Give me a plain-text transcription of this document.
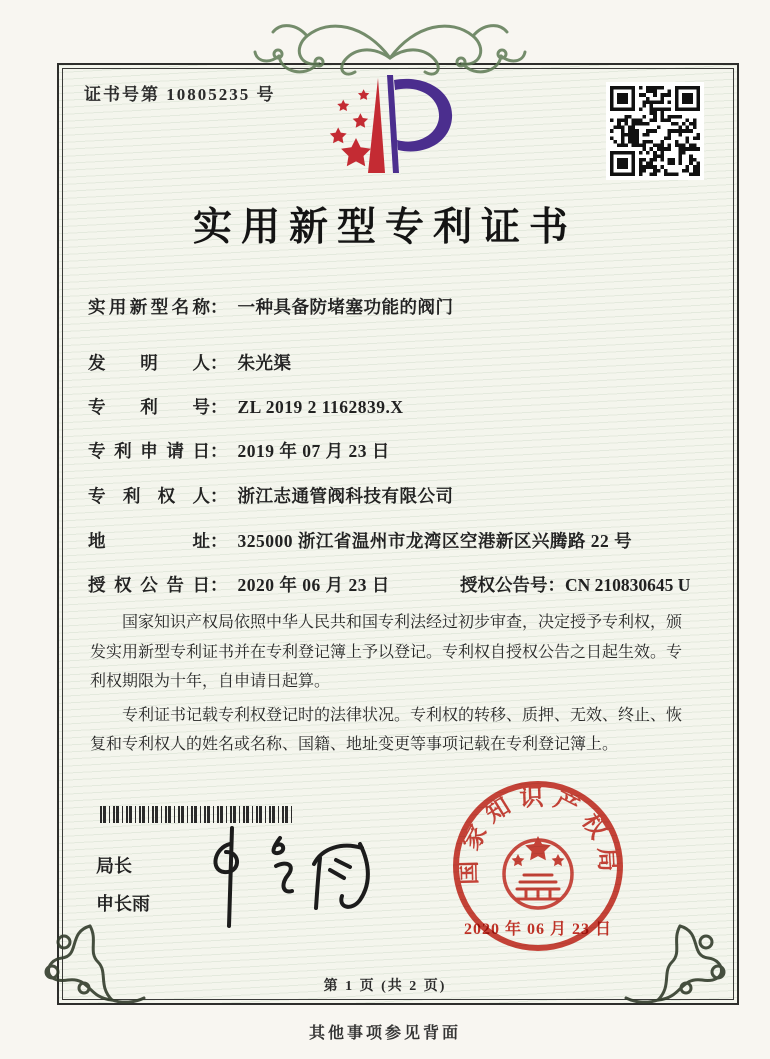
证书号第 10805235 号
实用新型专利证书
实用新型名称： 一种具备防堵塞功能的阀门
发明人： 朱光渠
专利号： ZL 2019 2 1162839.X
专利申请日： 2019 年 07 月 23 日
专利权人： 浙江志通管阀科技有限公司
地址： 325000 浙江省温州市龙湾区空港新区兴腾路 22 号
授权公告日： 2020 年 06 月 23 日	授权公告号：CN 210830645 U

国家知识产权局依照中华人民共和国专利法经过初步审查，决定授予专利权，颁发实用新型专利证书并在专利登记簿上予以登记。专利权自授权公告之日起生效。专利权期限为十年，自申请日起算。

专利证书记载专利权登记时的法律状况。专利权的转移、质押、无效、终止、恢复和专利权人的姓名或名称、国籍、地址变更等事项记载在专利登记簿上。

局长
申长雨
国家知识产权局
2020 年 06 月 23 日
第 1 页 (共 2 页)
其他事项参见背面
